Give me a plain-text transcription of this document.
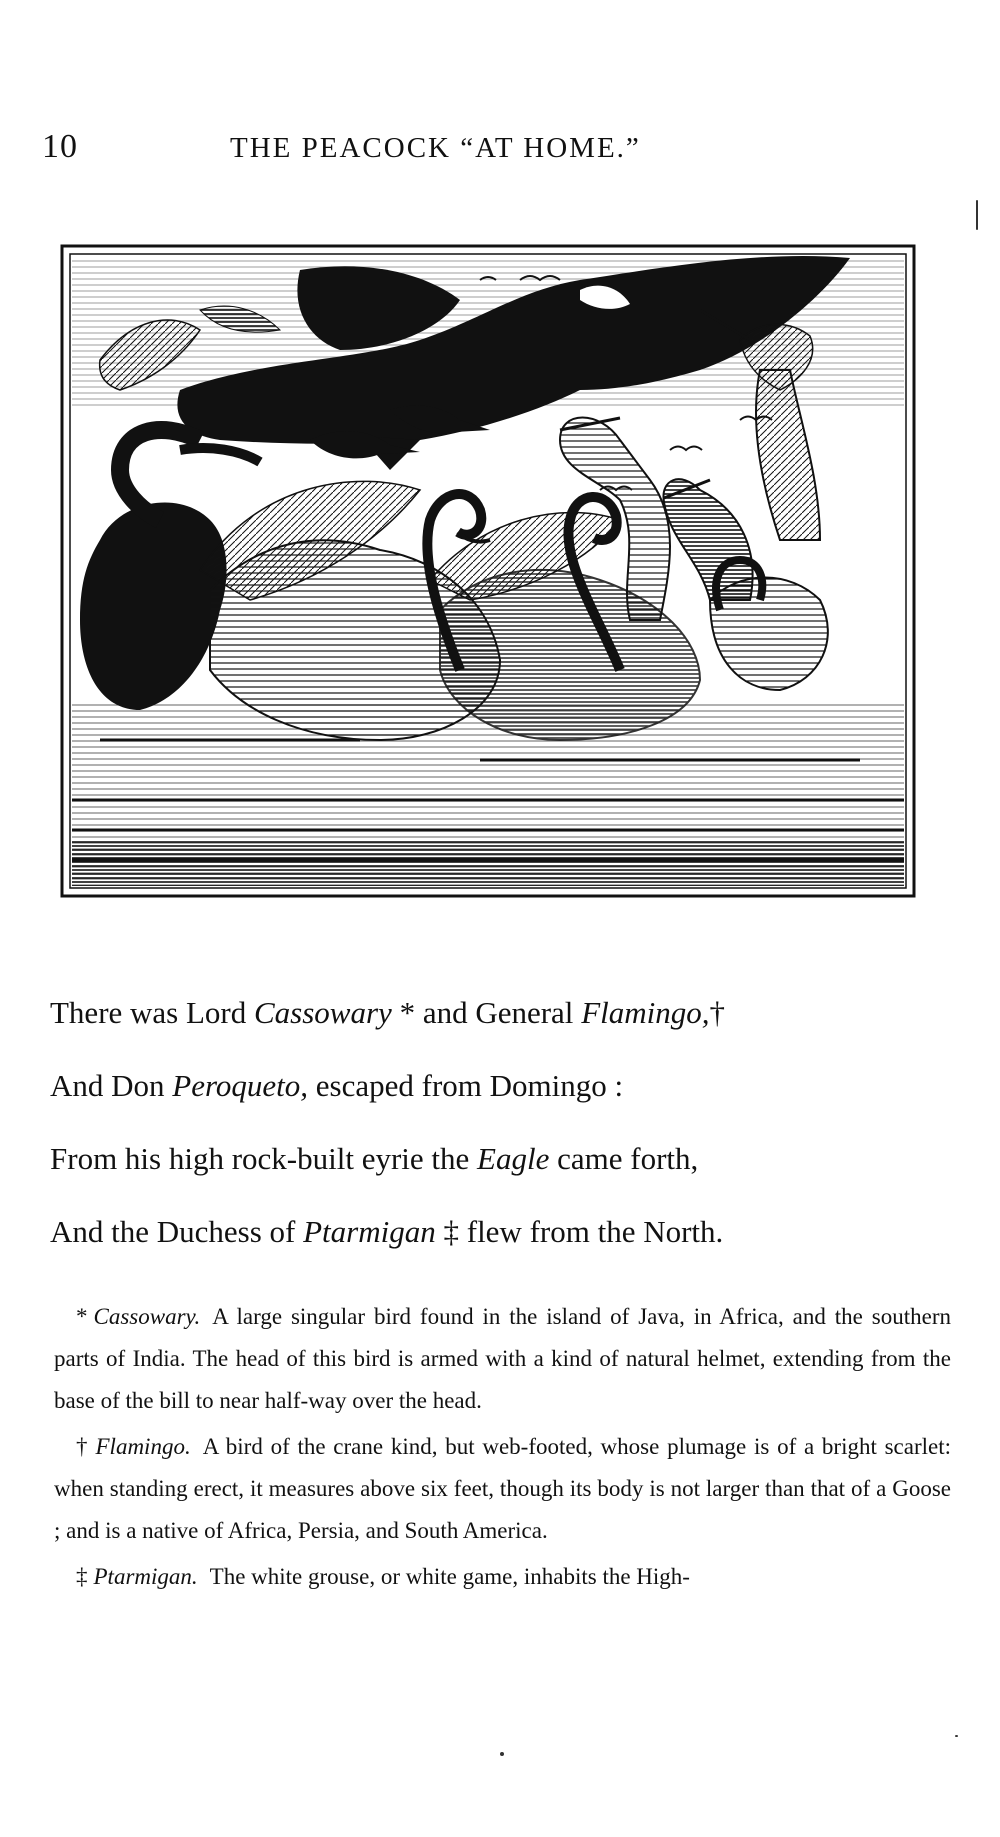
10	THE PEACOCK “AT HOME.”
There was Lord Cassowary * and General Flamingo,†
And Don Peroqueto, escaped from Domingo :
From his high rock-built eyrie the Eagle came forth,
And the Duchess of Ptarmigan ‡ flew from the North.

* Cassowary. A large singular bird found in the island of Java, in Africa, and the southern parts of India. The head of this bird is armed with a kind of natural helmet, extending from the base of the bill to near half-way over the head.

† Flamingo. A bird of the crane kind, but web-footed, whose plumage is of a bright scarlet: when standing erect, it measures above six feet, though its body is not larger than that of a Goose ; and is a native of Africa, Persia, and South America.

‡ Ptarmigan. The white grouse, or white game, inhabits the High-
